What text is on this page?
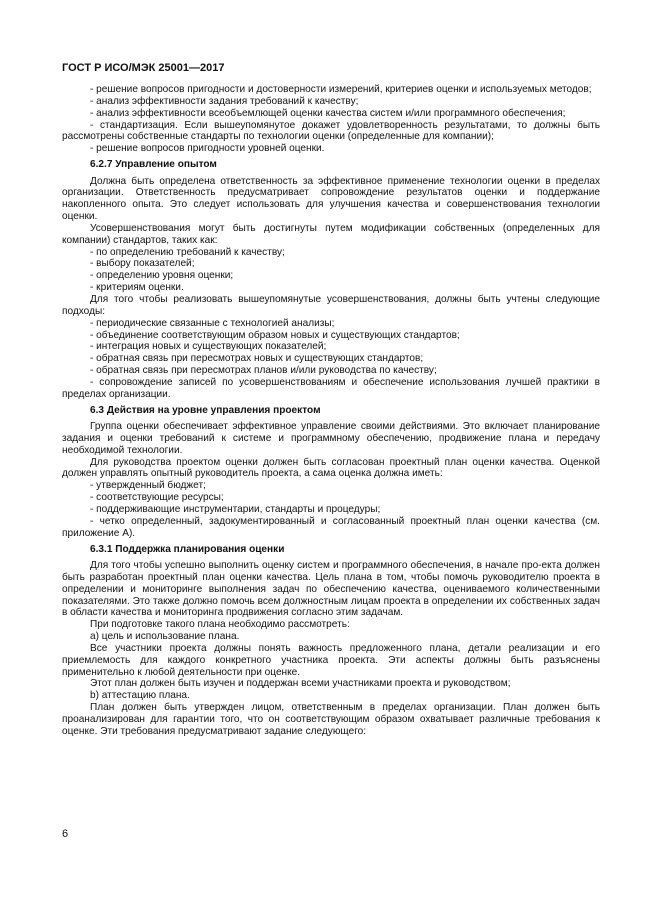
ГОСТ Р ИСО/МЭК 25001—2017
- решение вопросов пригодности и достоверности измерений, критериев оценки и используемых методов;
- анализ эффективности задания требований к качеству;
- анализ эффективности всеобъемлющей оценки качества систем и/или программного обеспечения;
- стандартизация. Если вышеупомянутое докажет удовлетворенность результатами, то должны быть рассмотрены собственные стандарты по технологии оценки (определенные для компании);
- решение вопросов пригодности уровней оценки.
6.2.7 Управление опытом
Должна быть определена ответственность за эффективное применение технологии оценки в пределах организации. Ответственность предусматривает сопровождение результатов оценки и поддержание накопленного опыта. Это следует использовать для улучшения качества и совершенствования технологии оценки.
Усовершенствования могут быть достигнуты путем модификации собственных (определенных для компании) стандартов, таких как:
- по определению требований к качеству;
- выбору показателей;
- определению уровня оценки;
- критериям оценки.
Для того чтобы реализовать вышеупомянутые усовершенствования, должны быть учтены следующие подходы:
- периодические связанные с технологией анализы;
- объединение соответствующим образом новых и существующих стандартов;
- интеграция новых и существующих показателей;
- обратная связь при пересмотрах новых и существующих стандартов;
- обратная связь при пересмотрах планов и/или руководства по качеству;
- сопровождение записей по усовершенствованиям и обеспечение использования лучшей практики в пределах организации.
6.3 Действия на уровне управления проектом
Группа оценки обеспечивает эффективное управление своими действиями. Это включает планирование задания и оценки требований к системе и программному обеспечению, продвижение плана и передачу необходимой технологии.
Для руководства проектом оценки должен быть согласован проектный план оценки качества. Оценкой должен управлять опытный руководитель проекта, а сама оценка должна иметь:
- утвержденный бюджет;
- соответствующие ресурсы;
- поддерживающие инструментарии, стандарты и процедуры;
- четко определенный, задокументированный и согласованный проектный план оценки качества (см. приложение А).
6.3.1 Поддержка планирования оценки
Для того чтобы успешно выполнить оценку систем и программного обеспечения, в начале про-екта должен быть разработан проектный план оценки качества. Цель плана в том, чтобы помочь руководителю проекта в определении и мониторинге выполнения задач по обеспечению качества, оцениваемого количественными показателями. Это также должно помочь всем должностным лицам проекта в определении их собственных задач в области качества и мониторинга продвижения согласно этим задачам.
При подготовке такого плана необходимо рассмотреть:
a) цель и использование плана.
Все участники проекта должны понять важность предложенного плана, детали реализации и его приемлемость для каждого конкретного участника проекта. Эти аспекты должны быть разъяснены применительно к любой деятельности при оценке.
Этот план должен быть изучен и поддержан всеми участниками проекта и руководством;
b) аттестацию плана.
План должен быть утвержден лицом, ответственным в пределах организации. План должен быть проанализирован для гарантии того, что он соответствующим образом охватывает различные требования к оценке. Эти требования предусматривают задание следующего:
6
